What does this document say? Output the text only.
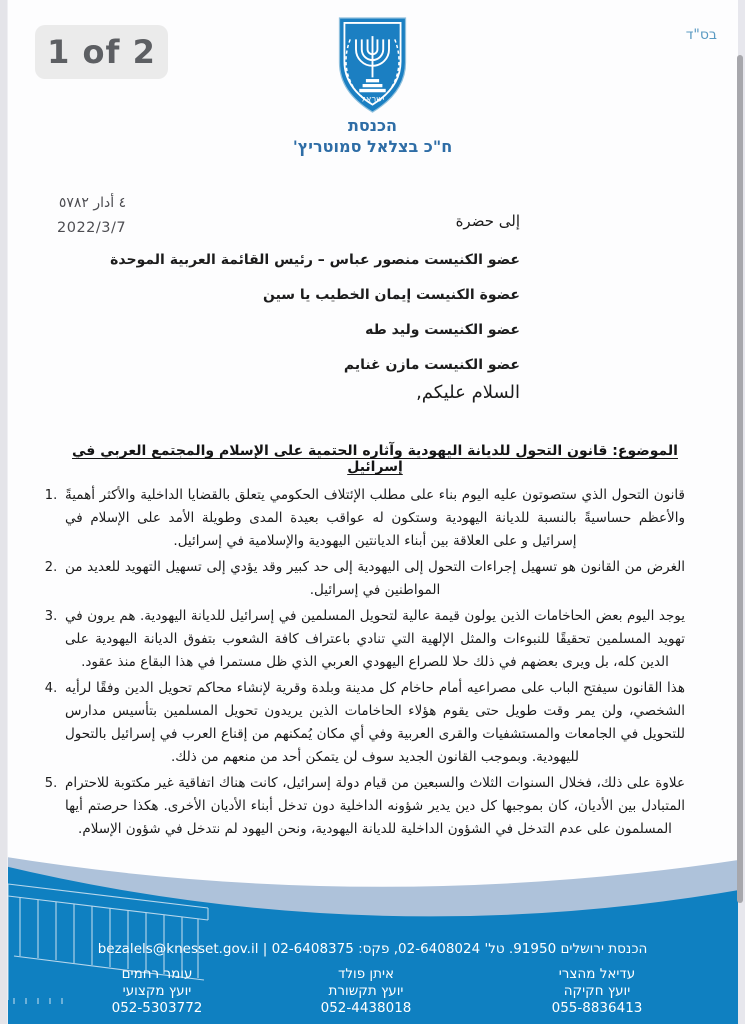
1 of 2	בס"ד
ישראל
הכנסת
ח"כ בצלאל סמוטריץ'
٤ أدار ٥٧٨٢
2022/3/7	إلى حضرة
عضو الكنيست منصور عباس – رئيس القائمة العربية الموحدة
عضوة الكنيست إيمان الخطيب يا سين
عضو الكنيست وليد طه
عضو الكنيست مازن غنايم
السلام عليكم,
الموضوع: قانون التحول للديانة اليهودية وآثاره الحتمية على الإسلام والمجتمع العربي في إسرائيل
1. قانون التحول الذي ستصوتون عليه اليوم بناء على مطلب الإئتلاف الحكومي يتعلق بالقضايا الداخلية والأكثر أهميةً والأعظم حساسيةً بالنسبة للديانة اليهودية وستكون له عواقب بعيدة المدى وطويلة الأمد على الإسلام في إسرائيل و على العلاقة بين أبناء الديانتين اليهودية والإسلامية في إسرائيل.
2. الغرض من القانون هو تسهيل إجراءات التحول إلى اليهودية إلى حد كبير وقد يؤدي إلى تسهيل التهويد للعديد من المواطنين في إسرائيل.
3. يوجد اليوم بعض الحاخامات الذين يولون قيمة عالية لتحويل المسلمين في إسرائيل للديانة اليهودية. هم يرون في تهويد المسلمين تحقيقًا للنبوءات والمثل الإلهية التي تنادي باعتراف كافة الشعوب بتفوق الديانة اليهودية على الدين كله، بل ويرى بعضهم في ذلك حلا للصراع اليهودي العربي الذي ظل مستمرا في هذا البقاع منذ عقود.
4. هذا القانون سيفتح الباب على مصراعيه أمام حاخام كل مدينة وبلدة وقرية لإنشاء محاكم تحويل الدين وفقًا لرأيه الشخصي، ولن يمر وقت طويل حتى يقوم هؤلاء الحاخامات الذين يريدون تحويل المسلمين بتأسيس مدارس للتحويل في الجامعات والمستشفيات والقرى العربية وفي أي مكان يُمكنهم من إقناع العرب في إسرائيل بالتحول لليهودية. وبموجب القانون الجديد سوف لن يتمكن أحد من منعهم من ذلك.
5. علاوة على ذلك، فخلال السنوات الثلاث والسبعين من قيام دولة إسرائيل، كانت هناك اتفاقية غير مكتوبة للاحترام المتبادل بين الأديان، كان بموجبها كل دين يدير شؤونه الداخلية دون تدخل أبناء الأديان الأخرى. هكذا حرصتم أيها المسلمون على عدم التدخل في الشؤون الداخلية للديانة اليهودية، ونحن اليهود لم نتدخل في شؤون الإسلام.
הכנסת ירושלים 91950. טל' 02-6408024, פקס: 02-6408375 ‏| bezalels@knesset.gov.il
עדיאל מהצרי
יועץ חקיקה
055-8836413
איתן פולד
יועץ תקשורת
052-4438018
עומר רחמים
יועץ מקצועי
052-5303772
